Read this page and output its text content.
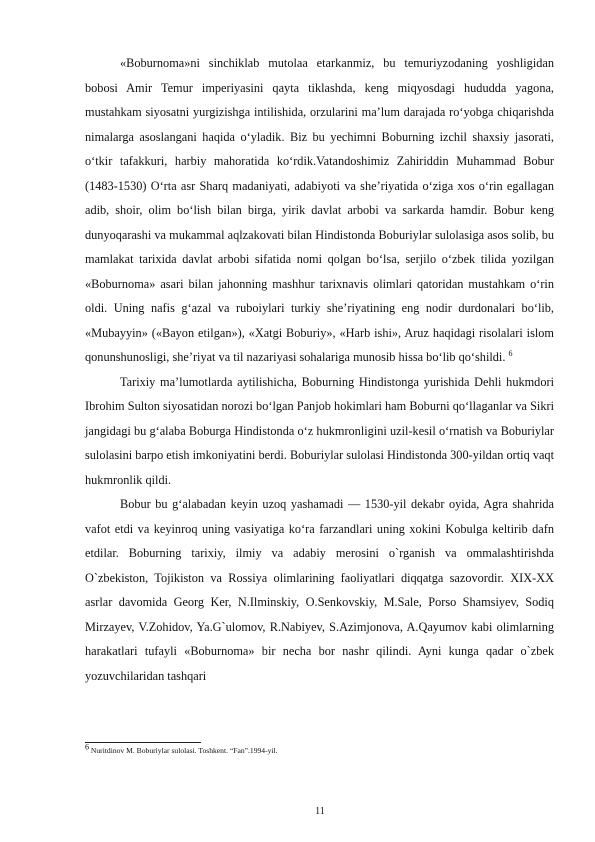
«Boburnoma»ni sinchiklab mutolaa etarkanmiz, bu temuriyzodaning yoshligidan bobosi Amir Temur imperiyasini qayta tiklashda, keng miqyosdagi hududda yagona, mustahkam siyosatni yurgizishga intilishida, orzularini maʼlum darajada roʻyobga chiqarishda nimalarga asoslangani haqida oʻyladik. Biz bu yechimni Boburning izchil shaxsiy jasorati, oʻtkir tafakkuri, harbiy mahoratida koʻrdik.Vatandoshimiz Zahiriddin Muhammad Bobur (1483-1530) Oʻrta asr Sharq madaniyati, adabiyoti va sheʼriyatida oʻziga xos oʻrin egallagan adib, shoir, olim boʻlish bilan birga, yirik davlat arbobi va sarkarda hamdir. Bobur keng dunyoqarashi va mukammal aqlzakovati bilan Hindistonda Boburiylar sulolasiga asos solib, bu mamlakat tarixida davlat arbobi sifatida nomi qolgan boʻlsa, serjilo oʻzbek tilida yozilgan «Boburnoma» asari bilan jahonning mashhur tarixnavis olimlari qatoridan mustahkam oʻrin oldi. Uning nafis gʻazal va ruboiylari turkiy sheʼriyatining eng nodir durdonalari boʻlib, «Mubayyin» («Bayon etilgan»), «Xatgi Boburiy», «Harb ishi», Aruz haqidagi risolalari islom qonunshunosligi, sheʼriyat va til nazariyasi sohalariga munosib hissa boʻlib qoʻshildi. $^6$

Tarixiy maʼlumotlarda aytilishicha, Boburning Hindistonga yurishida Dehli hukmdori Ibrohim Sulton siyosatidan norozi boʻlgan Panjob hokimlari ham Boburni qoʻllaganlar va Sikri jangidagi bu gʻalaba Boburga Hindistonda oʻz hukmronligini uzil-kesil oʻrnatish va Boburiylar sulolasini barpo etish imkoniyatini berdi. Boburiylar sulolasi Hindistonda 300-yildan ortiq vaqt hukmronlik qildi.

Bobur bu gʻalabadan keyin uzoq yashamadi — 1530-yil dekabr oyida, Agra shahrida vafot etdi va keyinroq uning vasiyatiga koʻra farzandlari uning xokini Kobulga keltirib dafn etdilar. Boburning tarixiy, ilmiy va adabiy merosini o`rganish va ommalashtirishda O`zbekiston, Tojikiston va Rossiya olimlarining faoliyatlari diqqatga sazovordir. XIX-XX asrlar davomida Georg Ker, N.Ilminskiy, O.Senkovskiy, M.Sale, Porso Shamsiyev, Sodiq Mirzayev, V.Zohidov, Ya.G`ulomov, R.Nabiyev, S.Azimjonova, A.Qayumov kabi olimlarning harakatlari tufayli «Boburnoma» bir necha bor nashr qilindi. Ayni kunga qadar o`zbek yozuvchilaridan tashqari

$^6$ Nuritdinov M. Boburiylar sulolasi. Toshkent. “Fan”.1994-yil.
11
